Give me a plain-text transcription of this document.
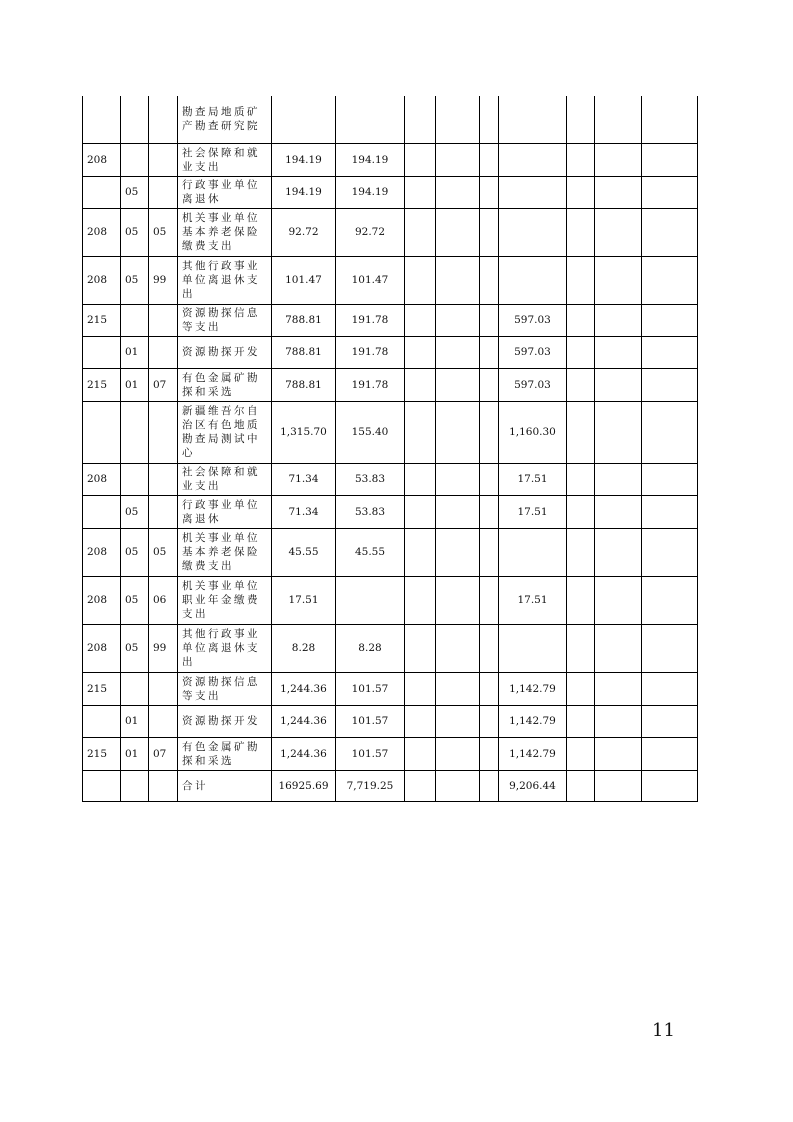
			勘查局地质矿产勘查研究院									
208			社会保障和就业支出	194.19	194.19							
	05		行政事业单位离退休	194.19	194.19							
208	05	05	机关事业单位基本养老保险缴费支出	92.72	92.72							
208	05	99	其他行政事业单位离退休支出	101.47	101.47							
215			资源勘探信息等支出	788.81	191.78				597.03			
	01		资源勘探开发	788.81	191.78				597.03			
215	01	07	有色金属矿勘探和采选	788.81	191.78				597.03			
			新疆维吾尔自治区有色地质勘查局测试中心	1,315.70	155.40				1,160.30			
208			社会保障和就业支出	71.34	53.83				17.51			
	05		行政事业单位离退休	71.34	53.83				17.51			
208	05	05	机关事业单位基本养老保险缴费支出	45.55	45.55							
208	05	06	机关事业单位职业年金缴费支出	17.51					17.51			
208	05	99	其他行政事业单位离退休支出	8.28	8.28							
215			资源勘探信息等支出	1,244.36	101.57				1,142.79			
	01		资源勘探开发	1,244.36	101.57				1,142.79			
215	01	07	有色金属矿勘探和采选	1,244.36	101.57				1,142.79			
			合计	16925.69	7,719.25				9,206.44			
11
